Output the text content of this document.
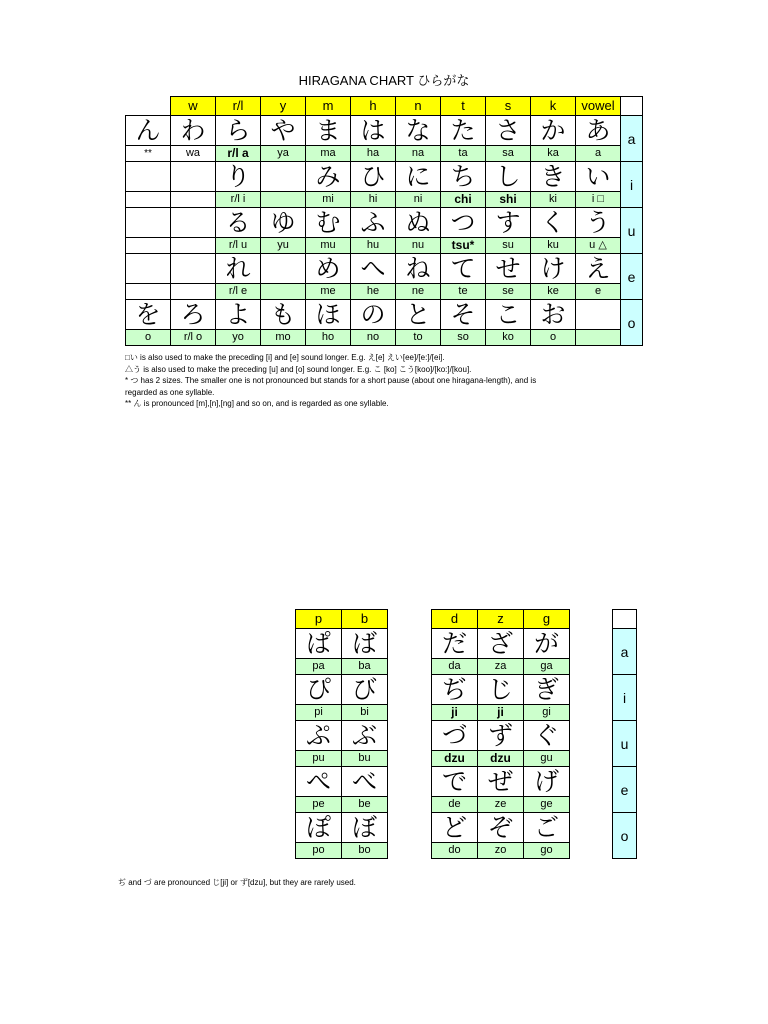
HIRAGANA CHART ひらがな
	w	r/l	y	m	h	n	t	s	k	vowel	
ん	わ	ら	や	ま	は	な	た	さ	か	あ	a
**	wa	r/l a	ya	ma	ha	na	ta	sa	ka	a	
		り		み	ひ	に	ち	し	き	い	i
		r/l i		mi	hi	ni	chi	shi	ki	i □	
		る	ゆ	む	ふ	ぬ	つ	す	く	う	u
		r/l u	yu	mu	hu	nu	tsu*	su	ku	u △	
		れ		め	へ	ね	て	せ	け	え	e
		r/l e		me	he	ne	te	se	ke	e	
を	ろ	よ	も	ほ	の	と	そ	こ	お		o
o	r/l o	yo	mo	ho	no	to	so	ko	o		
□い is also used to make the preceding [i] and [e] sound longer. E.g. え[e] えい[ee]/[e:]/[ei].
△う is also used to make the preceding [u] and [o] sound longer. E.g. こ [ko] こう[koo]/[ko:]/[kou].
* つ has 2 sizes. The smaller one is not pronounced but stands for a short pause (about one hiragana-length), and is
regarded as one syllable.
** ん is pronounced [m],[n],[ng] and so on, and is regarded as one syllable.
p	b
ぱ	ば
pa	ba
ぴ	び
pi	bi
ぷ	ぶ
pu	bu
ぺ	べ
pe	be
ぽ	ぼ
po	bo
d	z	g
だ	ざ	が
da	za	ga
ぢ	じ	ぎ
ji	ji	gi
づ	ず	ぐ
dzu	dzu	gu
で	ぜ	げ
de	ze	ge
ど	ぞ	ご
do	zo	go

a
i
u
e
o
ぢ and づ are pronounced じ[ji] or ず[dzu], but they are rarely used.
